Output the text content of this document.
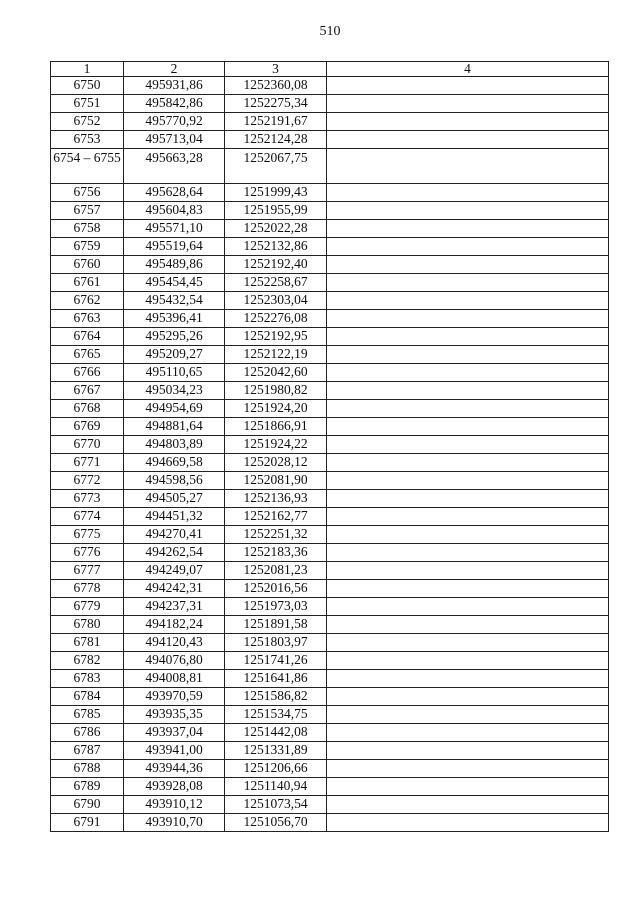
510
1	2	3	4
6750	495931,86	1252360,08	
6751	495842,86	1252275,34	
6752	495770,92	1252191,67	
6753	495713,04	1252124,28	
6754 – 6755	495663,28	1252067,75	
6756	495628,64	1251999,43	
6757	495604,83	1251955,99	
6758	495571,10	1252022,28	
6759	495519,64	1252132,86	
6760	495489,86	1252192,40	
6761	495454,45	1252258,67	
6762	495432,54	1252303,04	
6763	495396,41	1252276,08	
6764	495295,26	1252192,95	
6765	495209,27	1252122,19	
6766	495110,65	1252042,60	
6767	495034,23	1251980,82	
6768	494954,69	1251924,20	
6769	494881,64	1251866,91	
6770	494803,89	1251924,22	
6771	494669,58	1252028,12	
6772	494598,56	1252081,90	
6773	494505,27	1252136,93	
6774	494451,32	1252162,77	
6775	494270,41	1252251,32	
6776	494262,54	1252183,36	
6777	494249,07	1252081,23	
6778	494242,31	1252016,56	
6779	494237,31	1251973,03	
6780	494182,24	1251891,58	
6781	494120,43	1251803,97	
6782	494076,80	1251741,26	
6783	494008,81	1251641,86	
6784	493970,59	1251586,82	
6785	493935,35	1251534,75	
6786	493937,04	1251442,08	
6787	493941,00	1251331,89	
6788	493944,36	1251206,66	
6789	493928,08	1251140,94	
6790	493910,12	1251073,54	
6791	493910,70	1251056,70	
